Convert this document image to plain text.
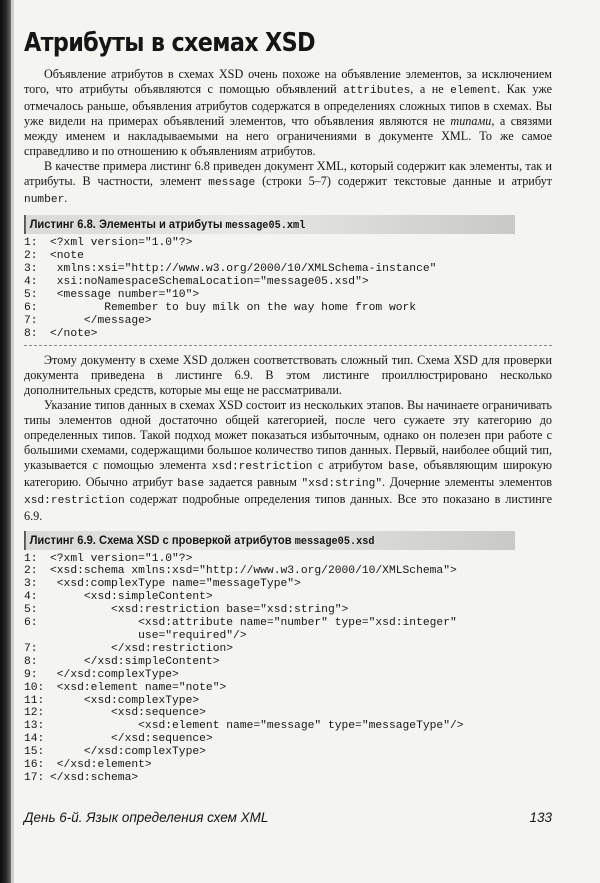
Атрибуты в схемах XSD

Объявление атрибутов в схемах XSD очень похоже на объявление элементов, за исключением того, что атрибуты объявляются с помощью объявлений attributes, а не element. Как уже отмечалось раньше, объявления атрибутов содержатся в определениях сложных типов в схемах. Вы уже видели на примерах объявлений элементов, что объявления являются не типами, а связями между именем и накладываемыми на него ограничениями в документе XML. То же самое справедливо и по отношению к объявлениям атрибутов.

В качестве примера листинг 6.8 приведен документ XML, который содержит как элементы, так и атрибуты. В частности, элемент message (строки 5–7) содержит текстовые данные и атрибут number.

Листинг 6.8. Элементы и атрибуты message05.xml
1: <?xml version="1.0"?>
2: <note
3: xmlns:xsi="http://www.w3.org/2000/10/XMLSchema-instance"
4: xsi:noNamespaceSchemaLocation="message05.xsd">
5: <message number="10">
6:        Remember to buy milk on the way home from work
7:     </message>
8: </note>

Этому документу в схеме XSD должен соответствовать сложный тип. Схема XSD для проверки документа приведена в листинге 6.9. В этом листинге проиллюстрировано несколько дополнительных средств, которые мы еще не рассматривали.

Указание типов данных в схемах XSD состоит из нескольких этапов. Вы начинаете ограничивать типы элементов одной достаточно общей категорией, после чего сужаете эту категорию до определенных типов. Такой подход может показаться избыточным, однако он полезен при работе с большими схемами, содержащими большое количество типов данных. Первый, наиболее общий тип, указывается с помощью элемента xsd:restriction с атрибутом base, объявляющим широкую категорию. Обычно атрибут base задается равным "xsd:string". Дочерние элементы элементов xsd:restriction содержат подробные определения типов данных. Все это показано в листинге 6.9.

Листинг 6.9. Схема XSD с проверкой атрибутов message05.xsd
1: <?xml version="1.0"?>
2: <xsd:schema xmlns:xsd="http://www.w3.org/2000/10/XMLSchema">
3: <xsd:complexType name="messageType">
4:     <xsd:simpleContent>
5:         <xsd:restriction base="xsd:string">
6:             <xsd:attribute name="number" type="xsd:integer"
use="required"/>
7:         </xsd:restriction>
8:     </xsd:simpleContent>
9: </xsd:complexType>
10: <xsd:element name="note">
11:     <xsd:complexType>
12:         <xsd:sequence>
13:             <xsd:element name="message" type="messageType"/>
14:         </xsd:sequence>
15:     </xsd:complexType>
16: </xsd:element>
17: </xsd:schema>
День 6-й. Язык определения схем XML	133
